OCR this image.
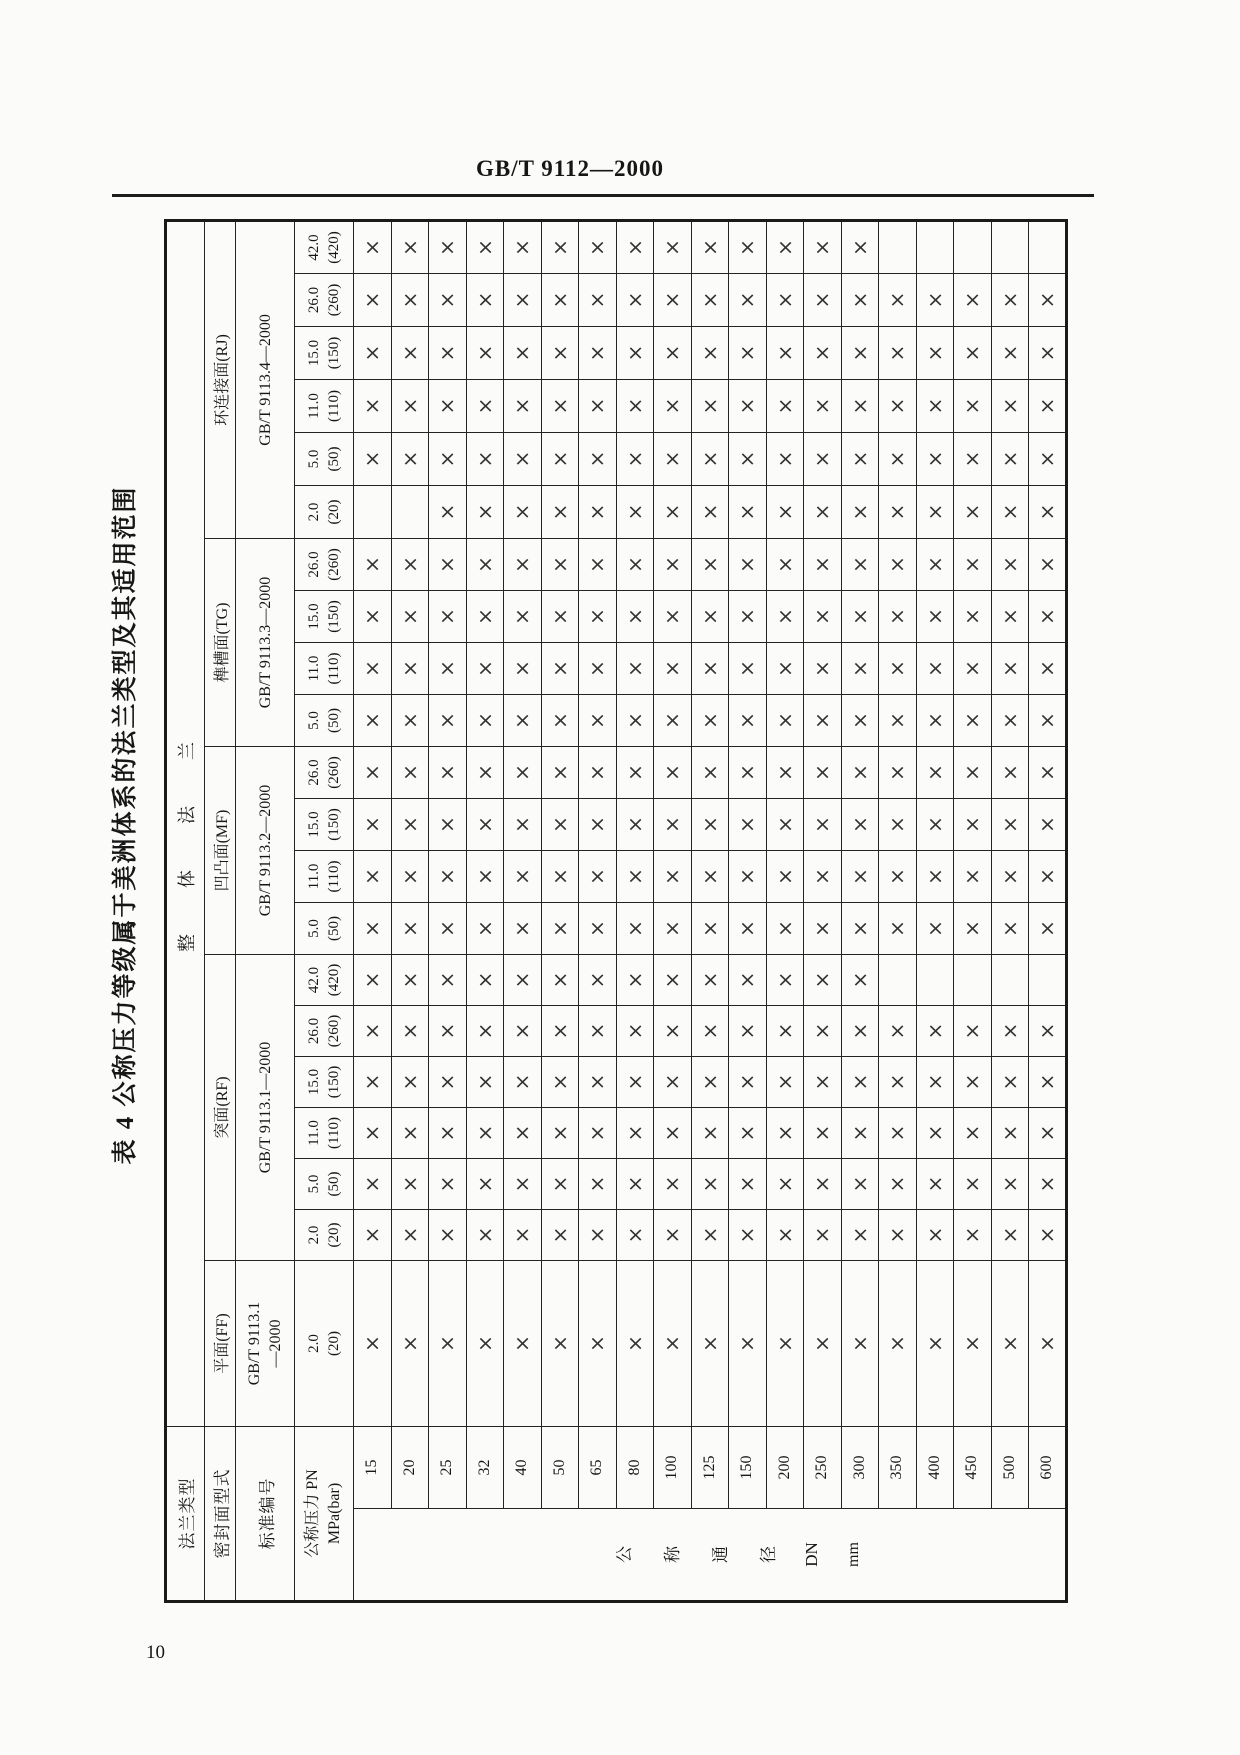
GB/T 9112—2000
表 4 公称压力等级属于美洲体系的法兰类型及其适用范围
法兰类型		整体法兰																				
密封面型式		平面(FF)	突面(RF)						凹凸面(MF)				榫槽面(TG)				环连接面(RJ)					
标准编号		GB/T 9113.1 —2000	GB/T 9113.1—2000						GB/T 9113.2—2000				GB/T 9113.3—2000				GB/T 9113.4—2000					
公称压力 PN MPa(bar)		2.0 (20)	2.0 (20)	5.0 (50)	11.0 (110)	15.0 (150)	26.0 (260)	42.0 (420)	5.0 (50)	11.0 (110)	15.0 (150)	26.0 (260)	5.0 (50)	11.0 (110)	15.0 (150)	26.0 (260)	2.0 (20)	5.0 (50)	11.0 (110)	15.0 (150)	26.0 (260)	42.0 (420)

公 称 通 径 DN mm
	15	×	×	×	×	×	×	×	×	×	×	×	×	×	×	×		×	×	×	×	×
	20	×	×	×	×	×	×	×	×	×	×	×	×	×	×	×		×	×	×	×	×
	25	×	×	×	×	×	×	×	×	×	×	×	×	×	×	×	×	×	×	×	×	×
	32	×	×	×	×	×	×	×	×	×	×	×	×	×	×	×	×	×	×	×	×	×
	40	×	×	×	×	×	×	×	×	×	×	×	×	×	×	×	×	×	×	×	×	×
	50	×	×	×	×	×	×	×	×	×	×	×	×	×	×	×	×	×	×	×	×	×
	65	×	×	×	×	×	×	×	×	×	×	×	×	×	×	×	×	×	×	×	×	×
	80	×	×	×	×	×	×	×	×	×	×	×	×	×	×	×	×	×	×	×	×	×
	100	×	×	×	×	×	×	×	×	×	×	×	×	×	×	×	×	×	×	×	×	×
	125	×	×	×	×	×	×	×	×	×	×	×	×	×	×	×	×	×	×	×	×	×
	150	×	×	×	×	×	×	×	×	×	×	×	×	×	×	×	×	×	×	×	×	×
	200	×	×	×	×	×	×	×	×	×	×	×	×	×	×	×	×	×	×	×	×	×
	250	×	×	×	×	×	×	×	×	×	×	×	×	×	×	×	×	×	×	×	×	×
	300	×	×	×	×	×	×	×	×	×	×	×	×	×	×	×	×	×	×	×	×	×
	350	×	×	×	×	×	×		×	×	×	×	×	×	×	×	×	×	×	×	×	
	400	×	×	×	×	×	×		×	×	×	×	×	×	×	×	×	×	×	×	×	
	450	×	×	×	×	×	×		×	×	×	×	×	×	×	×	×	×	×	×	×	
	500	×	×	×	×	×	×		×	×	×	×	×	×	×	×	×	×	×	×	×	
	600	×	×	×	×	×	×		×	×	×	×	×	×	×	×	×	×	×	×	×	
10
